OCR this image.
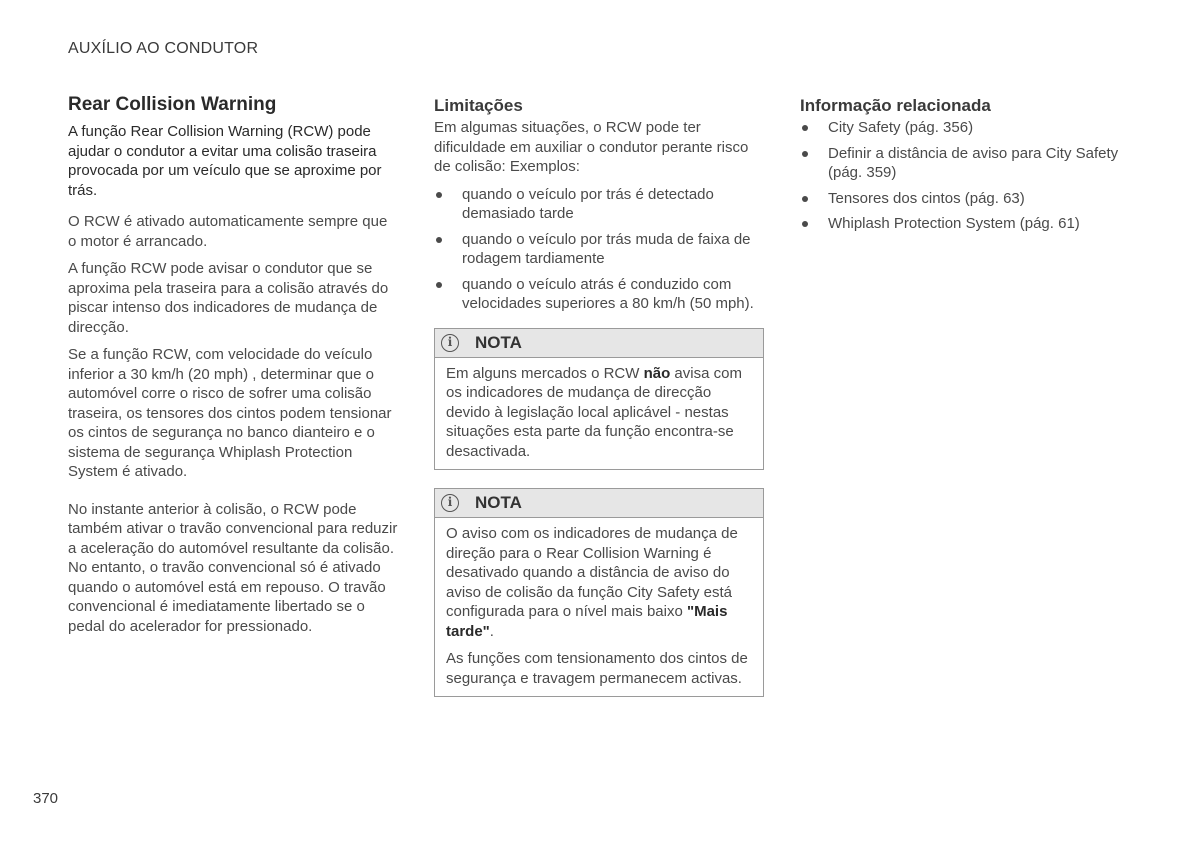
AUXÍLIO AO CONDUTOR
Rear Collision Warning

A função Rear Collision Warning (RCW) pode ajudar o condutor a evitar uma colisão traseira provocada por um veículo que se aproxime por trás.

O RCW é ativado automaticamente sempre que o motor é arrancado.

A função RCW pode avisar o condutor que se aproxima pela traseira para a colisão através do piscar intenso dos indicadores de mudança de direcção.

Se a função RCW, com velocidade do veículo inferior a 30 km/h (20 mph) , determinar que o automóvel corre o risco de sofrer uma colisão traseira, os tensores dos cintos podem tensionar os cintos de segurança no banco dianteiro e o sistema de segurança Whiplash Protection System é ativado.

No instante anterior à colisão, o RCW pode também ativar o travão convencional para reduzir a aceleração do automóvel resultante da colisão. No entanto, o travão convencional só é ativado quando o automóvel está em repouso. O travão convencional é imediatamente libertado se o pedal do acelerador for pressionado.

Limitações

Em algumas situações, o RCW pode ter dificuldade em auxiliar o condutor perante risco de colisão: Exemplos:

quando o veículo por trás é detectado demasiado tarde
quando o veículo por trás muda de faixa de rodagem tardiamente
quando o veículo atrás é conduzido com velocidades superiores a 80 km/h (50 mph).
i	NOTA

Em alguns mercados o RCW não avisa com os indicadores de mudança de direcção devido à legislação local aplicável - nestas situações esta parte da função encontra-se desactivada.

i	NOTA

O aviso com os indicadores de mudança de direção para o Rear Collision Warning é desativado quando a distância de aviso do aviso de colisão da função City Safety está configurada para o nível mais baixo "Mais tarde".

As funções com tensionamento dos cintos de segurança e travagem permanecem activas.

Informação relacionada
City Safety (pág. 356)
Definir a distância de aviso para City Safety (pág. 359)
Tensores dos cintos (pág. 63)
Whiplash Protection System (pág. 61)
370
